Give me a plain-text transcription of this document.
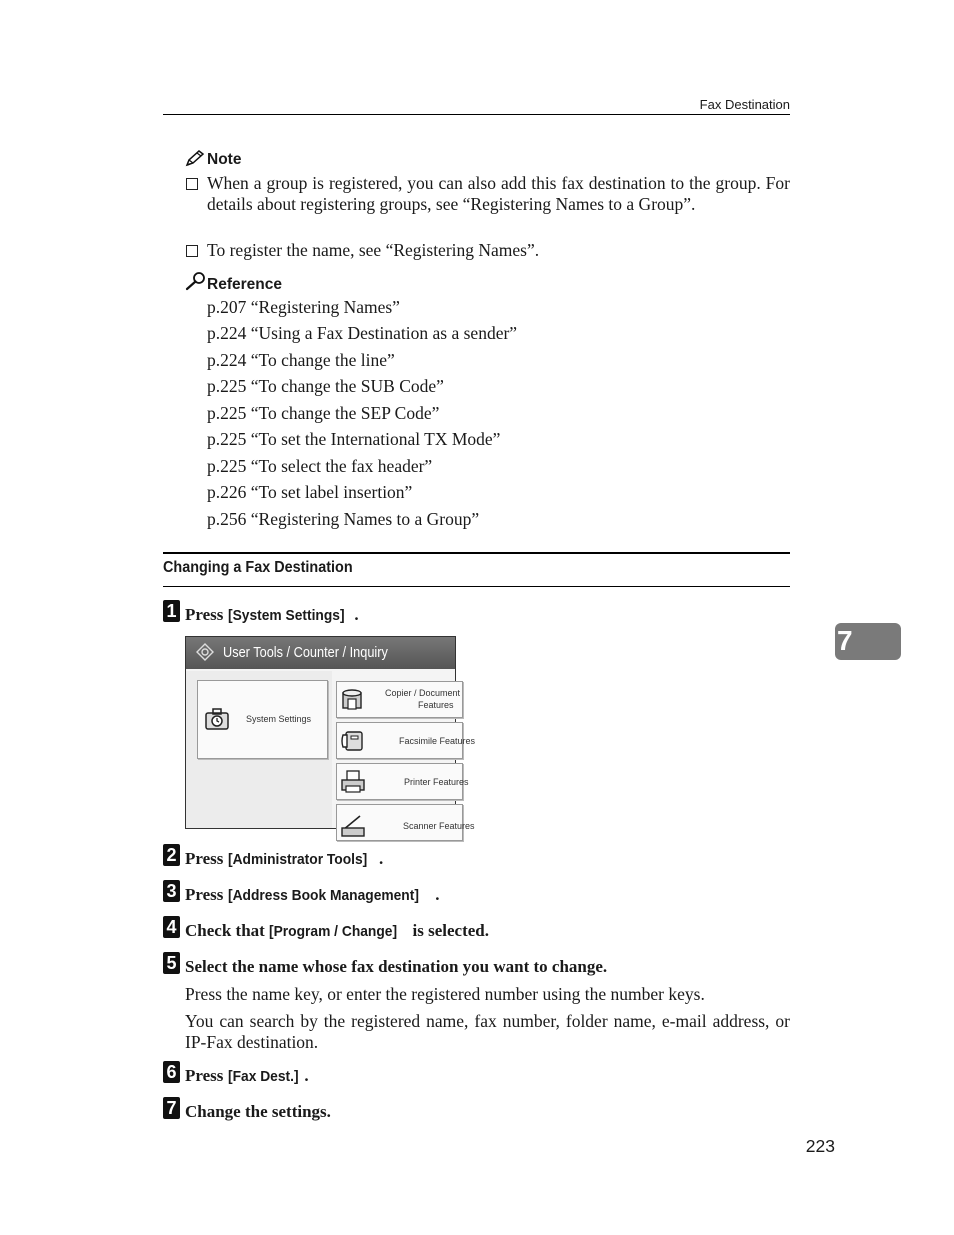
Fax Destination
Note
When a group is registered, you can also add this fax destination to the group. For details about registering groups, see “Registering Names to a Group”.
To register the name, see “Registering Names”.
Reference
p.207 “Registering Names”
p.224 “Using a Fax Destination as a sender”
p.224 “To change the line”
p.225 “To change the SUB Code”
p.225 “To change the SEP Code”
p.225 “To set the International TX Mode”
p.225 “To select the fax header”
p.226 “To set label insertion”
p.256 “Registering Names to a Group”
Changing a Fax Destination
1 Press [System Settings] .
User Tools / Counter / Inquiry
System Settings
Copier / Document
Features
Facsimile Features
Printer Features
Scanner Features
2 Press [Administrator Tools] .
3 Press [Address Book Management] .
4 Check that [Program / Change] is selected.
5 Select the name whose fax destination you want to change.
Press the name key, or enter the registered number using the number keys.
You can search by the registered name, fax number, folder name, e-mail address, or IP-Fax destination.
6 Press [Fax Dest.] .
7 Change the settings.
7
223
